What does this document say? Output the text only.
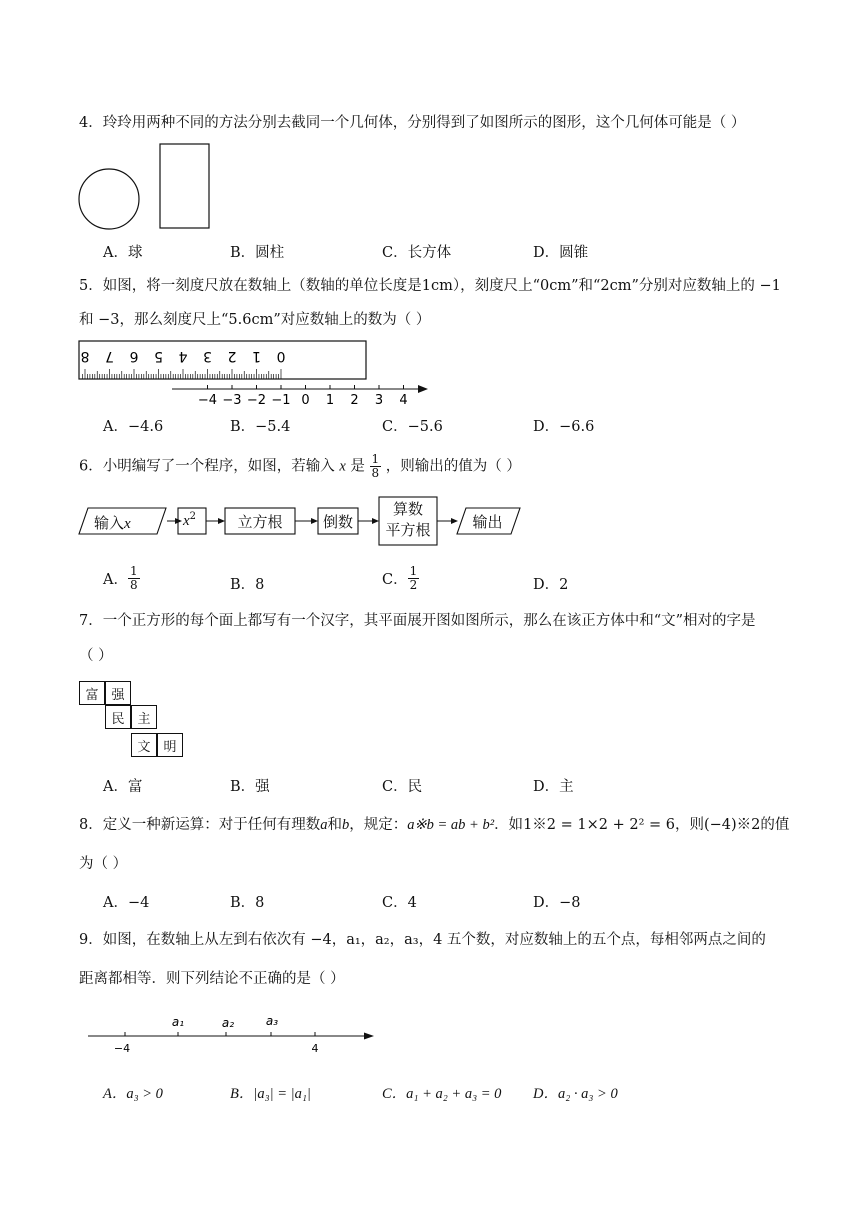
4．玲玲用两种不同的方法分别去截同一个几何体，分别得到了如图所示的图形，这个几何体可能是（ ）
A．球	B．圆柱	C．长方体	D．圆锥
5．如图，将一刻度尺放在数轴上（数轴的单位长度是1cm），刻度尺上“0cm”和“2cm”分别对应数轴上的 −1
和 −3，那么刻度尺上“5.6cm”对应数轴上的数为（ ）
0
1
2
3
4
5
6
7
8
−4 −3 −2 −1 0 1 2 3 4
A．−4.6	B．−5.4	C．−5.6	D．−6.6
6．小明编写了一个程序，如图，若输入 x 是 $\frac{1}{8}$ ，则输出的值为（ ）
输入x	$x^2$	立方根	倒数
算数
平方根	输出
A． $\frac{1}{8}$	B．8	C． $\frac{1}{2}$	D．2
7．一个正方形的每个面上都写有一个汉字，其平面展开图如图所示，那么在该正方体中和“文”相对的字是
（ ）
富 强
民 主
文 明
A．富	B．强	C．民	D．主
8．定义一种新运算：对于任何有理数a和b，规定：a※b = ab + b²．如1※2 = 1×2 + 2² = 6，则(−4)※2的值
为（ ）
A．−4	B．8	C．4	D．−8
9．如图，在数轴上从左到右依次有 −4，a₁，a₂，a₃，4 五个数，对应数轴上的五个点，每相邻两点之间的
距离都相等．则下列结论不正确的是（ ）
−4	4
a₁	a₂	a₃
A．a₃ > 0	B．|a₃| = |a₁|	C．a₁ + a₂ + a₃ = 0 D．a₂ · a₃ > 0
